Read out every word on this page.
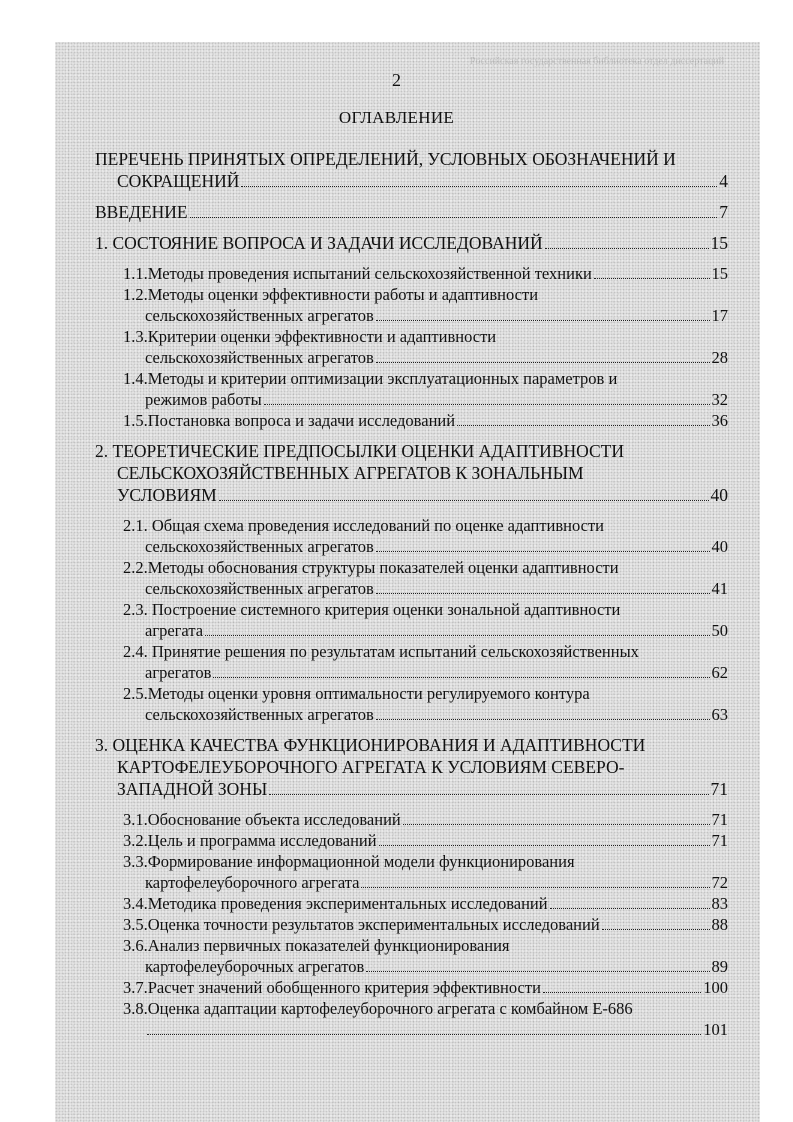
Российская государственная библиотека отдел диссертаций
2
ОГЛАВЛЕНИЕ
ПЕРЕЧЕНЬ ПРИНЯТЫХ ОПРЕДЕЛЕНИЙ, УСЛОВНЫХ ОБОЗНАЧЕНИЙ И
СОКРАЩЕНИЙ	4
ВВЕДЕНИЕ	7
1. СОСТОЯНИЕ ВОПРОСА И ЗАДАЧИ ИССЛЕДОВАНИЙ	15
1.1.Методы проведения испытаний сельскохозяйственной техники	15
1.2.Методы оценки эффективности работы и адаптивности
сельскохозяйственных агрегатов	17
1.3.Критерии оценки эффективности и адаптивности
сельскохозяйственных агрегатов	28
1.4.Методы и критерии оптимизации эксплуатационных параметров и
режимов работы	32
1.5.Постановка вопроса и задачи исследований	36
2. ТЕОРЕТИЧЕСКИЕ ПРЕДПОСЫЛКИ ОЦЕНКИ АДАПТИВНОСТИ
СЕЛЬСКОХОЗЯЙСТВЕННЫХ АГРЕГАТОВ К ЗОНАЛЬНЫМ
УСЛОВИЯМ	40
2.1. Общая схема проведения исследований по оценке адаптивности
сельскохозяйственных агрегатов	40
2.2.Методы обоснования структуры показателей оценки адаптивности
сельскохозяйственных агрегатов	41
2.3. Построение системного критерия оценки зональной адаптивности
агрегата	50
2.4. Принятие решения по результатам испытаний сельскохозяйственных
агрегатов	62
2.5.Методы оценки уровня оптимальности регулируемого контура
сельскохозяйственных агрегатов	63
3. ОЦЕНКА КАЧЕСТВА ФУНКЦИОНИРОВАНИЯ И АДАПТИВНОСТИ
КАРТОФЕЛЕУБОРОЧНОГО АГРЕГАТА К УСЛОВИЯМ СЕВЕРО-
ЗАПАДНОЙ ЗОНЫ	71
3.1.Обоснование объекта исследований	71
3.2.Цель и программа исследований	71
3.3.Формирование информационной модели функционирования
картофелеуборочного агрегата	72
3.4.Методика проведения экспериментальных исследований	83
3.5.Оценка точности результатов экспериментальных исследований	88
3.6.Анализ первичных показателей функционирования
картофелеуборочных агрегатов	89
3.7.Расчет значений обобщенного критерия эффективности	100
3.8.Оценка адаптации картофелеуборочного агрегата с комбайном Е-686
101
